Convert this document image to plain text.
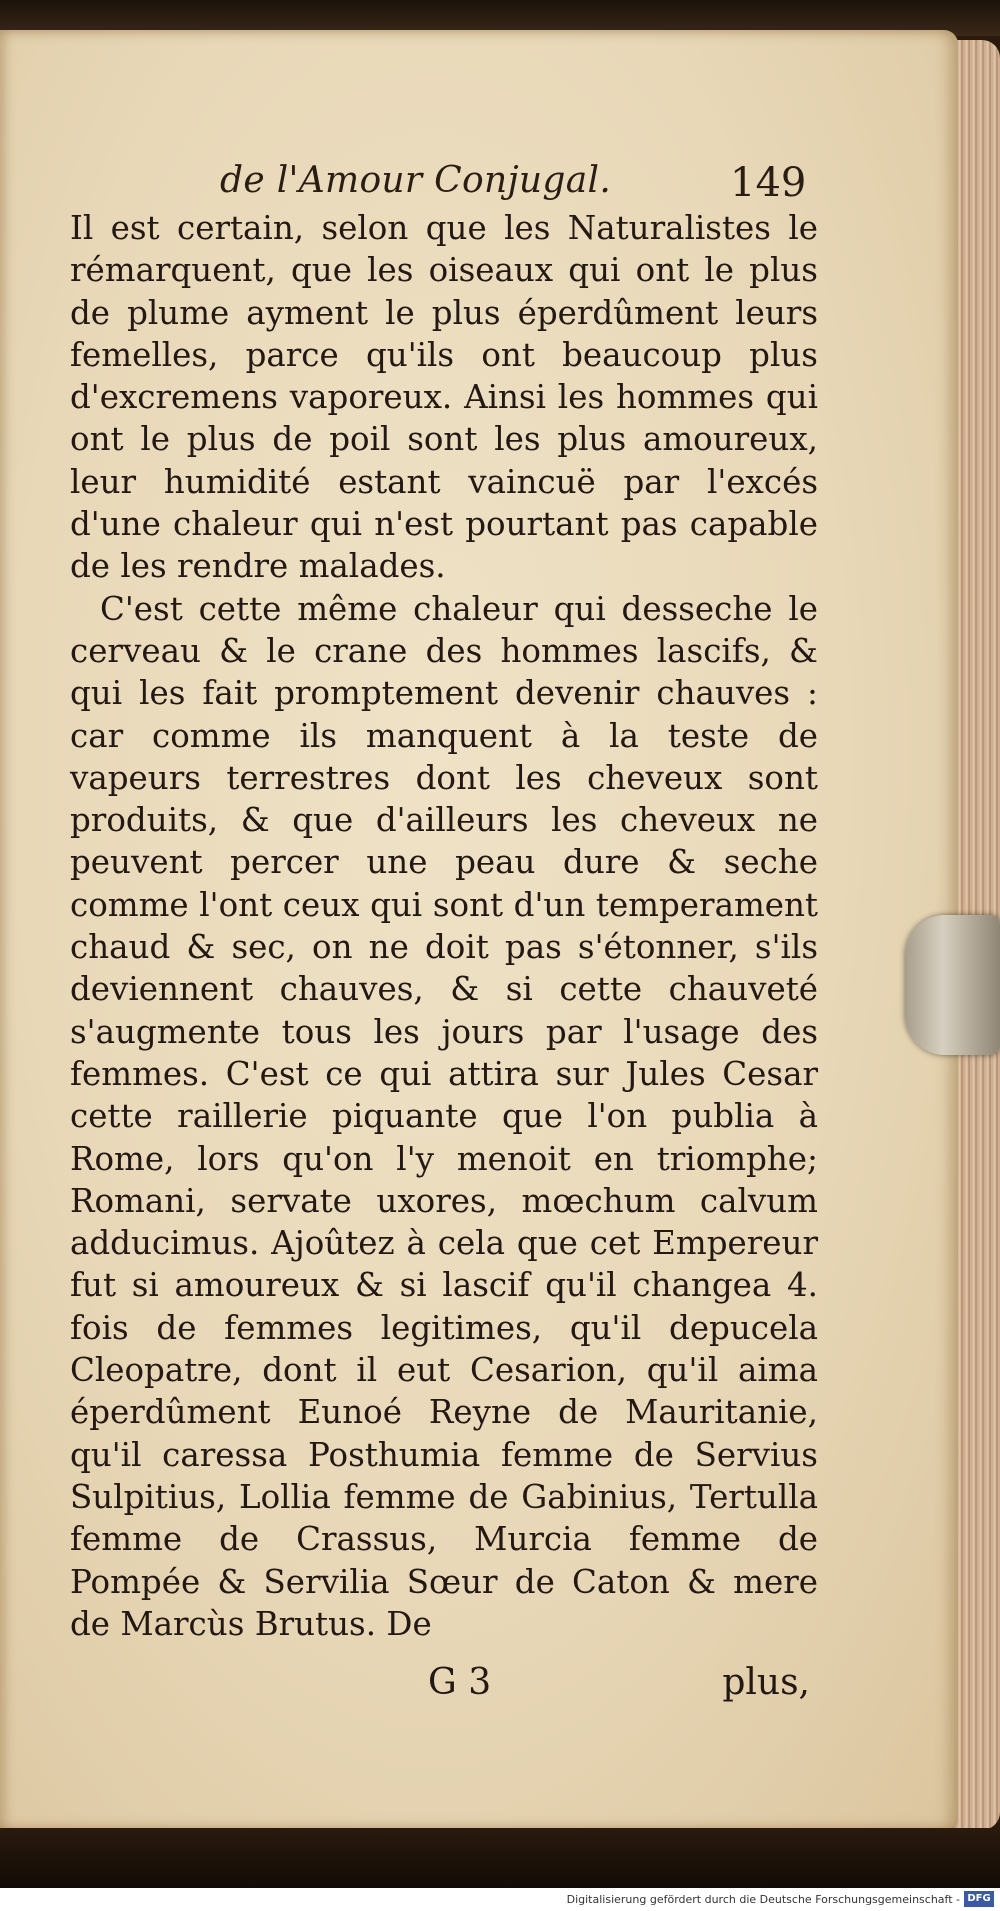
de l'Amour Conjugal.	149

Il est certain, selon que les Naturalistes le rémarquent, que les oiseaux qui ont le plus de plume ayment le plus éperdûment leurs femelles, parce qu'ils ont beaucoup plus d'excremens vaporeux. Ainsi les hommes qui ont le plus de poil sont les plus amoureux, leur humidité estant vaincuë par l'excés d'une chaleur qui n'est pourtant pas capable de les rendre malades.

C'est cette même chaleur qui desseche le cerveau & le crane des hommes lascifs, & qui les fait promptement devenir chauves : car comme ils manquent à la teste de vapeurs terrestres dont les cheveux sont produits, & que d'ailleurs les cheveux ne peuvent percer une peau dure & seche comme l'ont ceux qui sont d'un temperament chaud & sec, on ne doit pas s'étonner, s'ils deviennent chauves, & si cette chauveté s'augmente tous les jours par l'usage des femmes. C'est ce qui attira sur Jules Cesar cette raillerie piquante que l'on publia à Rome, lors qu'on l'y menoit en triomphe; Romani, servate uxores, mœchum calvum adducimus. Ajoûtez à cela que cet Empereur fut si amoureux & si lascif qu'il changea 4. fois de femmes legitimes, qu'il depucela Cleopatre, dont il eut Cesarion, qu'il aima éperdûment Eunoé Reyne de Mauritanie, qu'il caressa Posthumia femme de Servius Sulpitius, Lollia femme de Gabinius, Tertulla femme de Crassus, Murcia femme de Pompée & Servilia Sœur de Caton & mere de Marcùs Brutus. De

G 3	plus,
Digitalisierung gefördert durch die Deutsche Forschungsgemeinschaft - DFG
